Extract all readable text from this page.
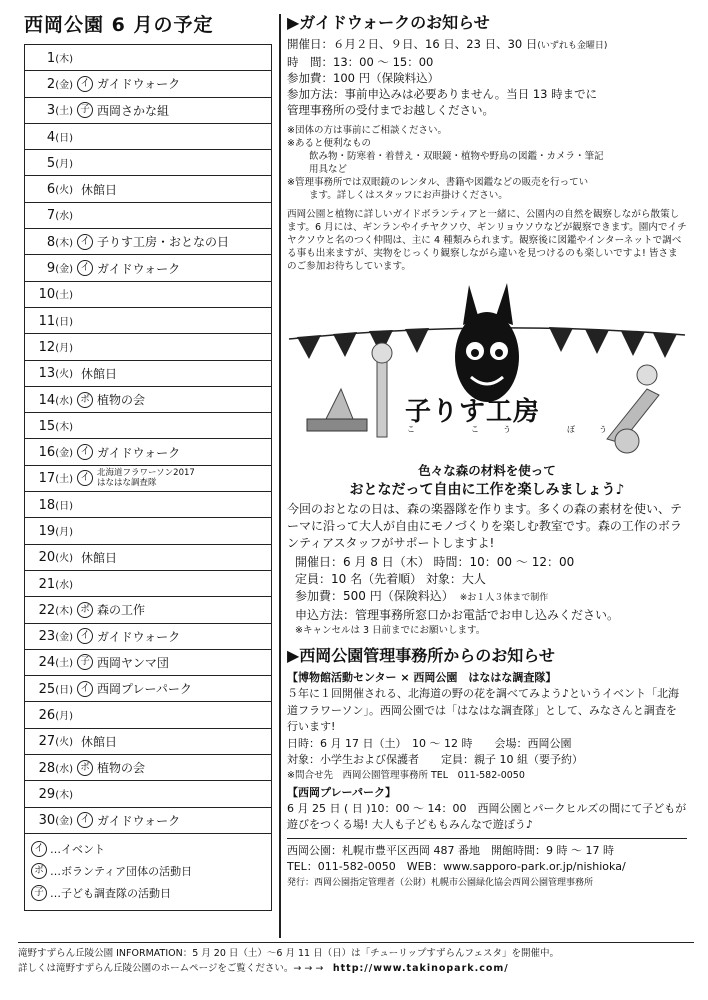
西岡公園 6 月の予定
1(木)
2(金) イ ガイドウォーク
3(土) 子 西岡さかな組
4(日)
5(月)
6(火) 休館日
7(水)
8(木) イ 子りす工房・おとなの日
9(金) イ ガイドウォーク
10(土)
11(日)
12(月)
13(火) 休館日
14(水) ボ 植物の会
15(木)
16(金) イ ガイドウォーク
17(土) イ 北海道フラワーソン2017
はなはな調査隊
18(日)
19(月)
20(火) 休館日
21(水)
22(木) ボ 森の工作
23(金) イ ガイドウォーク
24(土) 子 西岡ヤンマ団
25(日) イ 西岡プレーパーク
26(月)
27(火) 休館日
28(水) ボ 植物の会
29(木)
30(金) イ ガイドウォーク
イ …イベント
ボ …ボランティア団体の活動日
子 …子ども調査隊の活動日
▶ガイドウォークのお知らせ
開催日：６月２日、９日、16 日、23 日、30 日(いずれも金曜日)
時　間：13：00 ～ 15：00
参加費：100 円（保険料込）
参加方法：事前申込みは必要ありません。当日 13 時までに
管理事務所の受付までお越しください。
※団体の方は事前にご相談ください。
※あると便利なもの
飲み物・防寒着・着替え・双眼鏡・植物や野鳥の図鑑・カメラ・筆記
用具など
※管理事務所では双眼鏡のレンタル、書籍や図鑑などの販売を行ってい
ます。詳しくはスタッフにお声掛けください。
西岡公園と植物に詳しいガイドボランティアと一緒に、公園内の自然を観察しながら散策します。6 月には、ギンランやイチヤクソウ、ギンリョウソウなどが観察できます。園内でイチヤクソウと名のつく仲間は、主に 4 種類みられます。観察後に図鑑やインターネットで調べる事も出来ますが、実物をじっくり観察しながら違いを見つけるのも楽しいですよ! 皆さまのご参加お待ちしています。
子りす工房
こ　こう　ぼう
色々な森の材料を使って
おとなだって自由に工作を楽しみましょう♪
今回のおとなの日は、森の楽器隊を作ります。多くの森の素材を使い、テーマに沿って大人が自由にモノづくりを楽しむ教室です。森の工作のボランティアスタッフがサポートしますよ!
開催日：6 月 8 日（木） 時間：10：00 ～ 12：00
定員：10 名（先着順） 対象：大人
参加費：500 円（保険料込）　 ※お１人３体まで制作
申込方法：管理事務所窓口かお電話でお申し込みください。
※キャンセルは 3 日前までにお願いします。
▶西岡公園管理事務所からのお知らせ
【博物館活動センター × 西岡公園　はなはな調査隊】
５年に１回開催される、北海道の野の花を調べてみよう♪というイベント「北海道フラワーソン」。西岡公園では「はなはな調査隊」として、みなさんと調査を行います!
日時：6 月 17 日（土）　10 ～ 12 時　　会場：西岡公園
対象：小学生および保護者　　定員：親子 10 組（要予約）
※問合せ先　西岡公園管理事務所 TEL　011-582-0050
【西岡プレーパーク】
6 月 25 日 ( 日 )10：00 ～ 14：00　西岡公園とパークヒルズの間にて子どもが遊びをつくる場! 大人も子どももみんなで遊ぼう♪
西岡公園：札幌市豊平区西岡 487 番地　開館時間：9 時 ～ 17 時
TEL：011-582-0050　WEB：www.sapporo-park.or.jp/nishioka/
発行：西岡公園指定管理者（公財）札幌市公園緑化協会西岡公園管理事務所
滝野すずらん丘陵公園 INFORMATION：5 月 20 日（土）～6 月 11 日（日）は「チューリップすずらんフェスタ」を開催中。
詳しくは滝野すずらん丘陵公園のホームページをご覧ください。→ → →　 http://www.takinopark.com/
